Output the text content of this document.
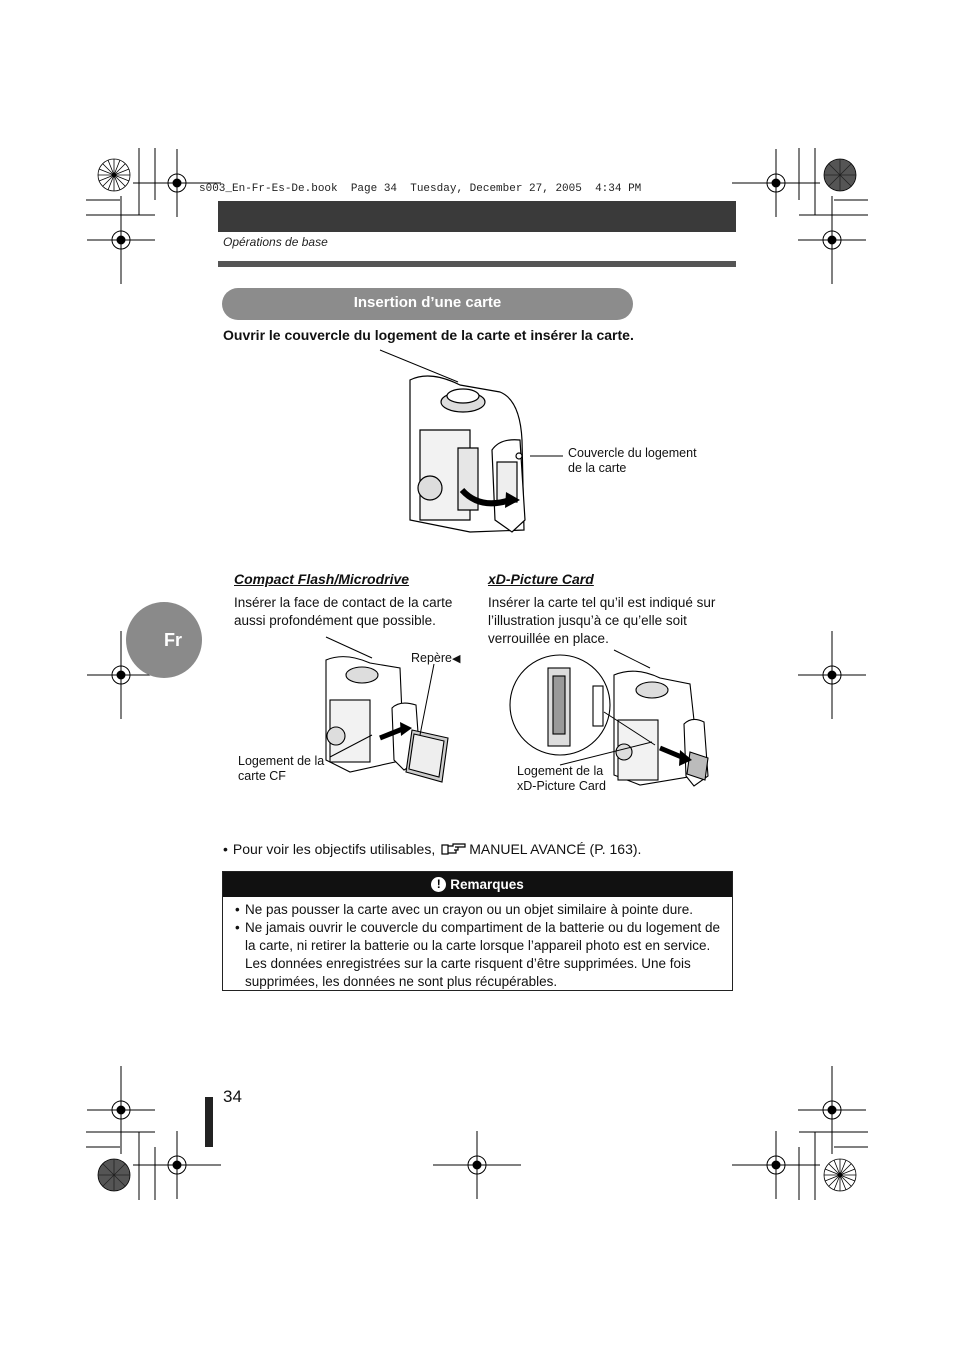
s003_En-Fr-Es-De.book  Page 34  Tuesday, December 27, 2005  4:34 PM
Opérations de base
Insertion d’une carte
Ouvrir le couvercle du logement de la carte et insérer la carte.
Couvercle du logement
de la carte
Fr
Compact Flash/Microdrive
Insérer la face de contact de la carte
aussi profondément que possible.
Repère◀
Logement de la
carte CF
xD-Picture Card
Insérer la carte tel qu’il est indiqué sur
l’illustration jusqu’à ce qu’elle soit
verrouillée en place.
Logement de la
xD-Picture Card
• Pour voir les objectifs utilisables, MANUEL AVANCÉ (P. 163).
! Remarques
• Ne pas pousser la carte avec un crayon ou un objet similaire à pointe dure.
• Ne jamais ouvrir le couvercle du compartiment de la batterie ou du logement de la carte, ni retirer la batterie ou la carte lorsque l’appareil photo est en service. Les données enregistrées sur la carte risquent d’être supprimées. Une fois supprimées, les données ne sont plus récupérables.
34
